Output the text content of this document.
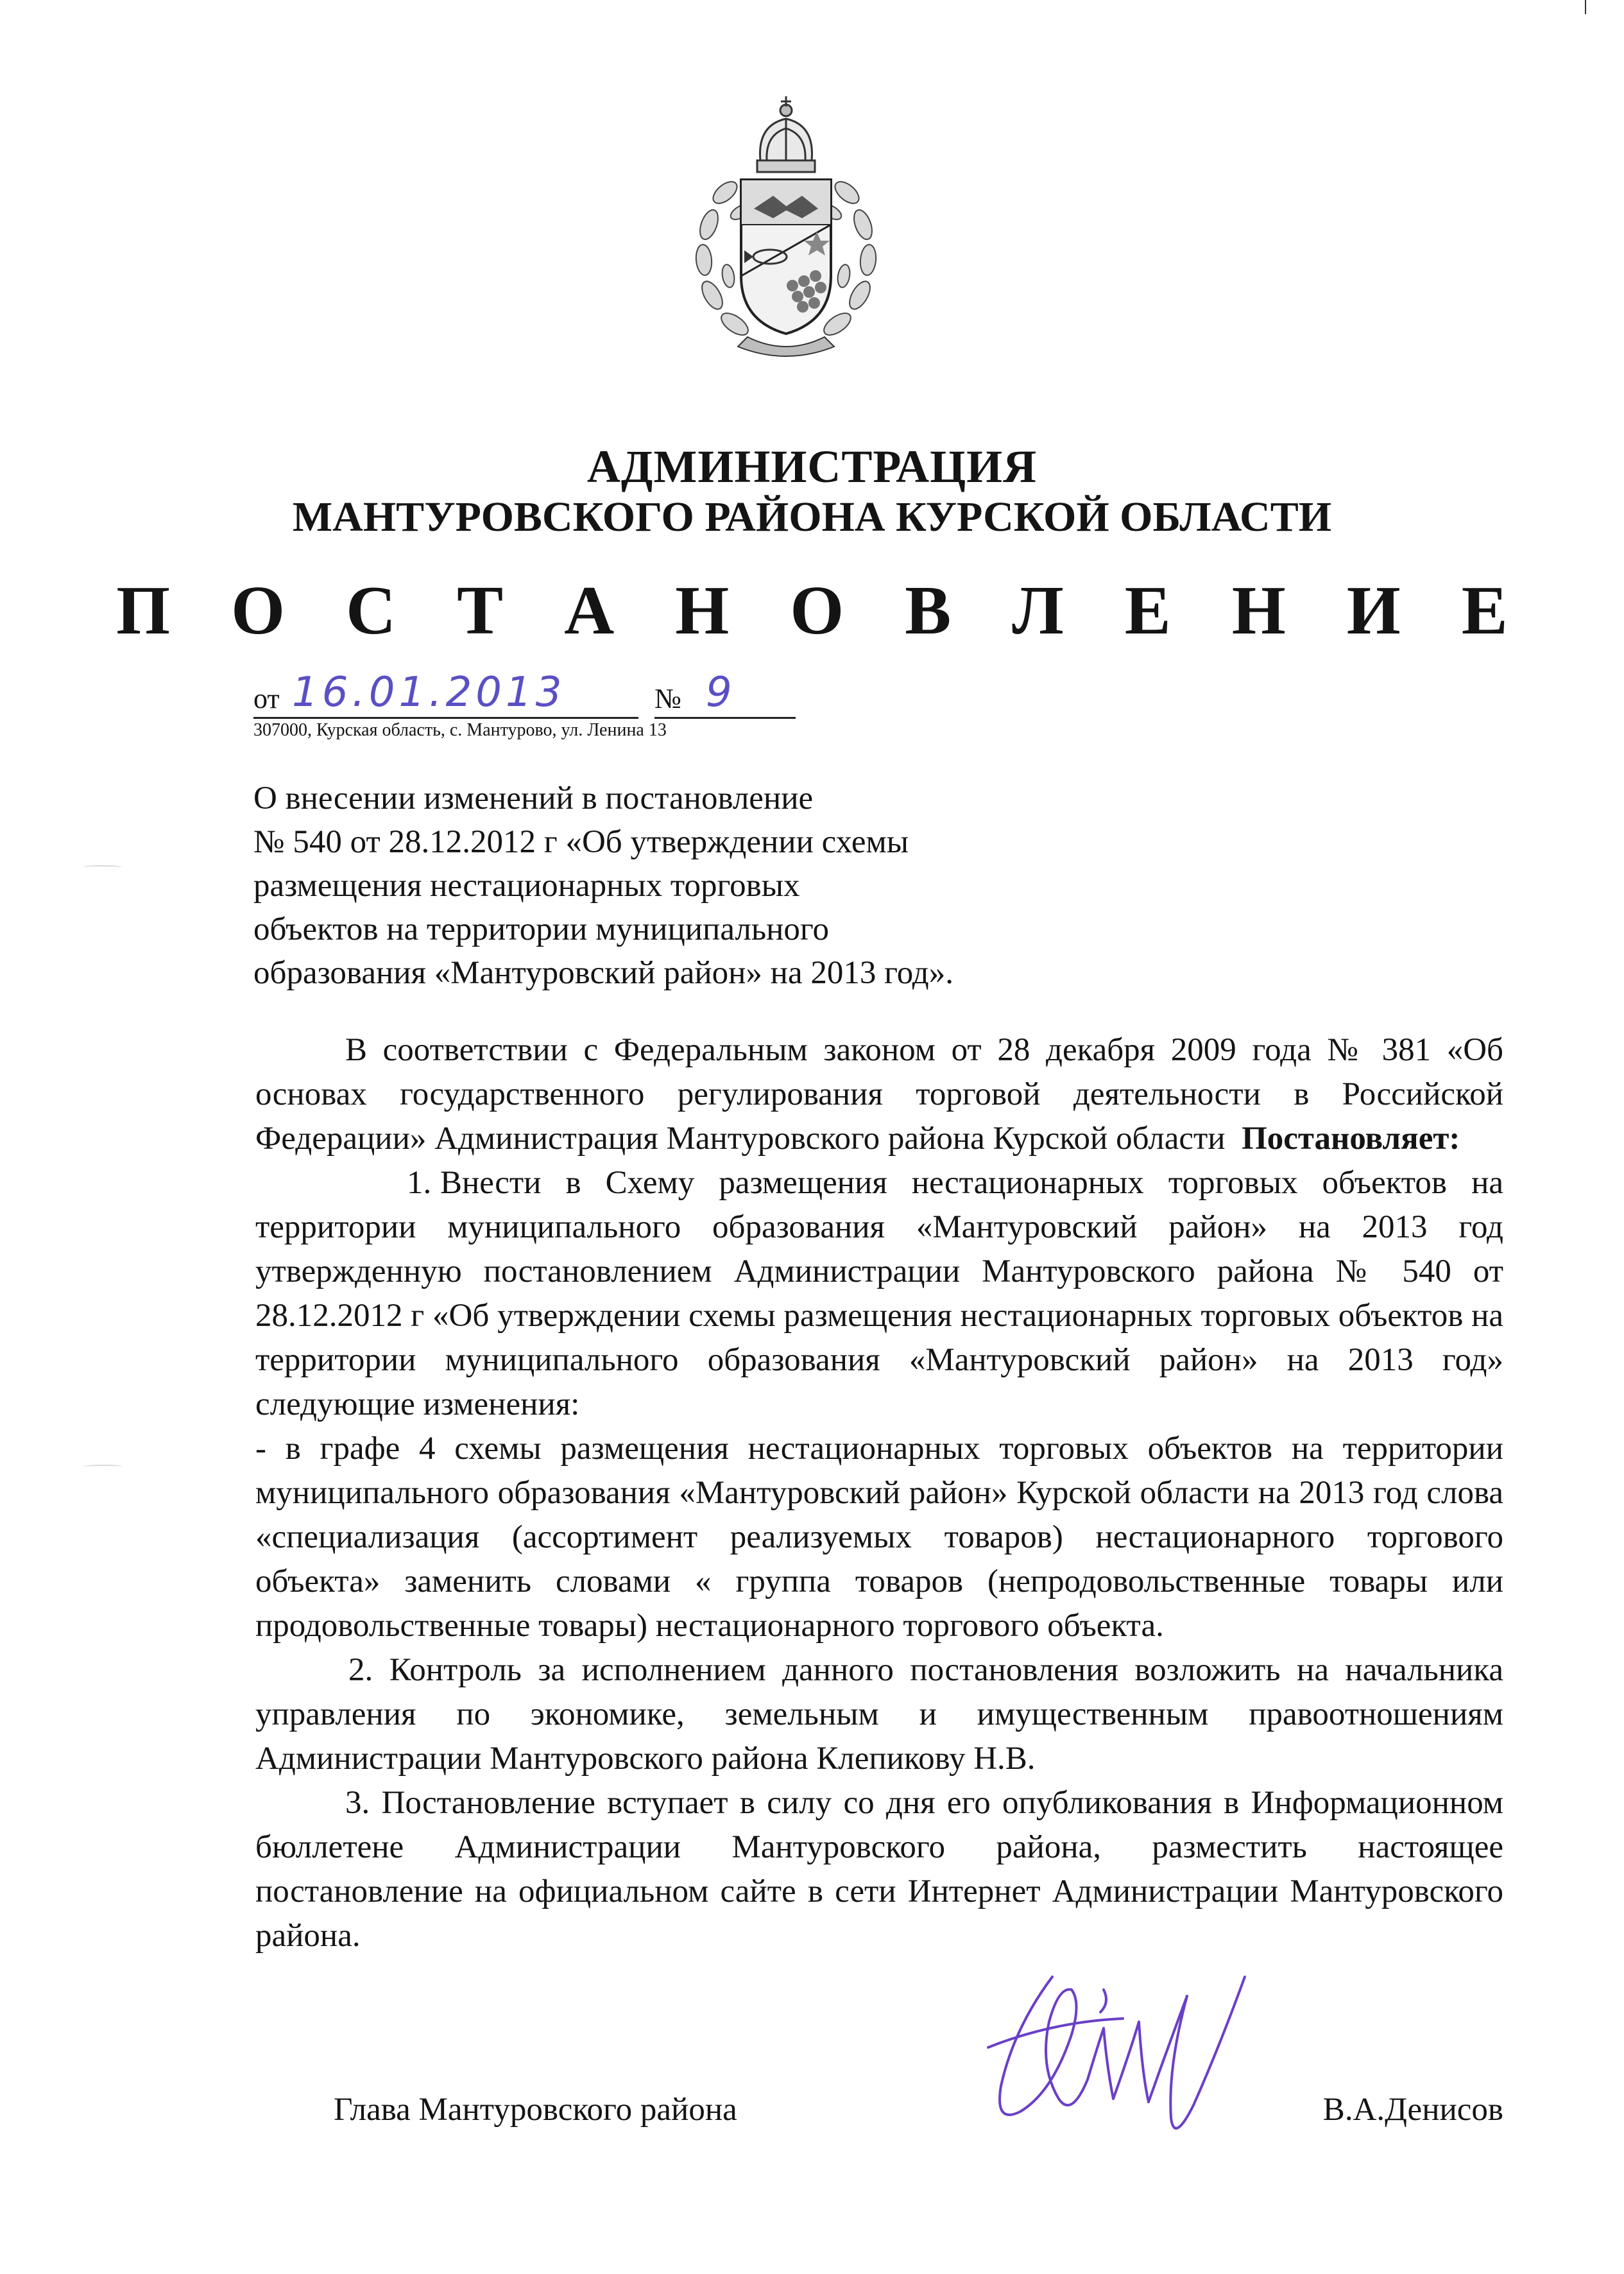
АДМИНИСТРАЦИЯ
МАНТУРОВСКОГО РАЙОНА КУРСКОЙ ОБЛАСТИ
П О С Т А Н О В Л Е Н И Е
от 16.01.2013	№ 9
307000, Курская область, с. Мантурово, ул. Ленина 13
О внесении изменений в постановление
№ 540 от 28.12.2012 г «Об утверждении схемы
размещения нестационарных торговых
объектов на территории муниципального
образования «Мантуровский район» на 2013 год».

В соответствии с Федеральным законом от 28 декабря 2009 года № 381 «Об основах государственного регулирования торговой деятельности в Российской Федерации» Администрация Мантуровского района Курской области Постановляет:

1. Внести в Схему размещения нестационарных торговых объектов на территории муниципального образования «Мантуровский район» на 2013 год утвержденную постановлением Администрации Мантуровского района № 540 от 28.12.2012 г «Об утверждении схемы размещения нестационарных торговых объектов на территории муниципального образования «Мантуровский район» на 2013 год» следующие изменения:

- в графе 4 схемы размещения нестационарных торговых объектов на территории муниципального образования «Мантуровский район» Курской области на 2013 год слова «специализация (ассортимент реализуемых товаров) нестационарного торгового объекта» заменить словами « группа товаров (непродовольственные товары или продовольственные товары) нестационарного торгового объекта.

2. Контроль за исполнением данного постановления возложить на начальника управления по экономике, земельным и имущественным правоотношениям Администрации Мантуровского района Клепикову Н.В.

3. Постановление вступает в силу со дня его опубликования в Информационном бюллетене Администрации Мантуровского района, разместить настоящее постановление на официальном сайте в сети Интернет Администрации Мантуровского района.

Глава Мантуровского района	В.А.Денисов
